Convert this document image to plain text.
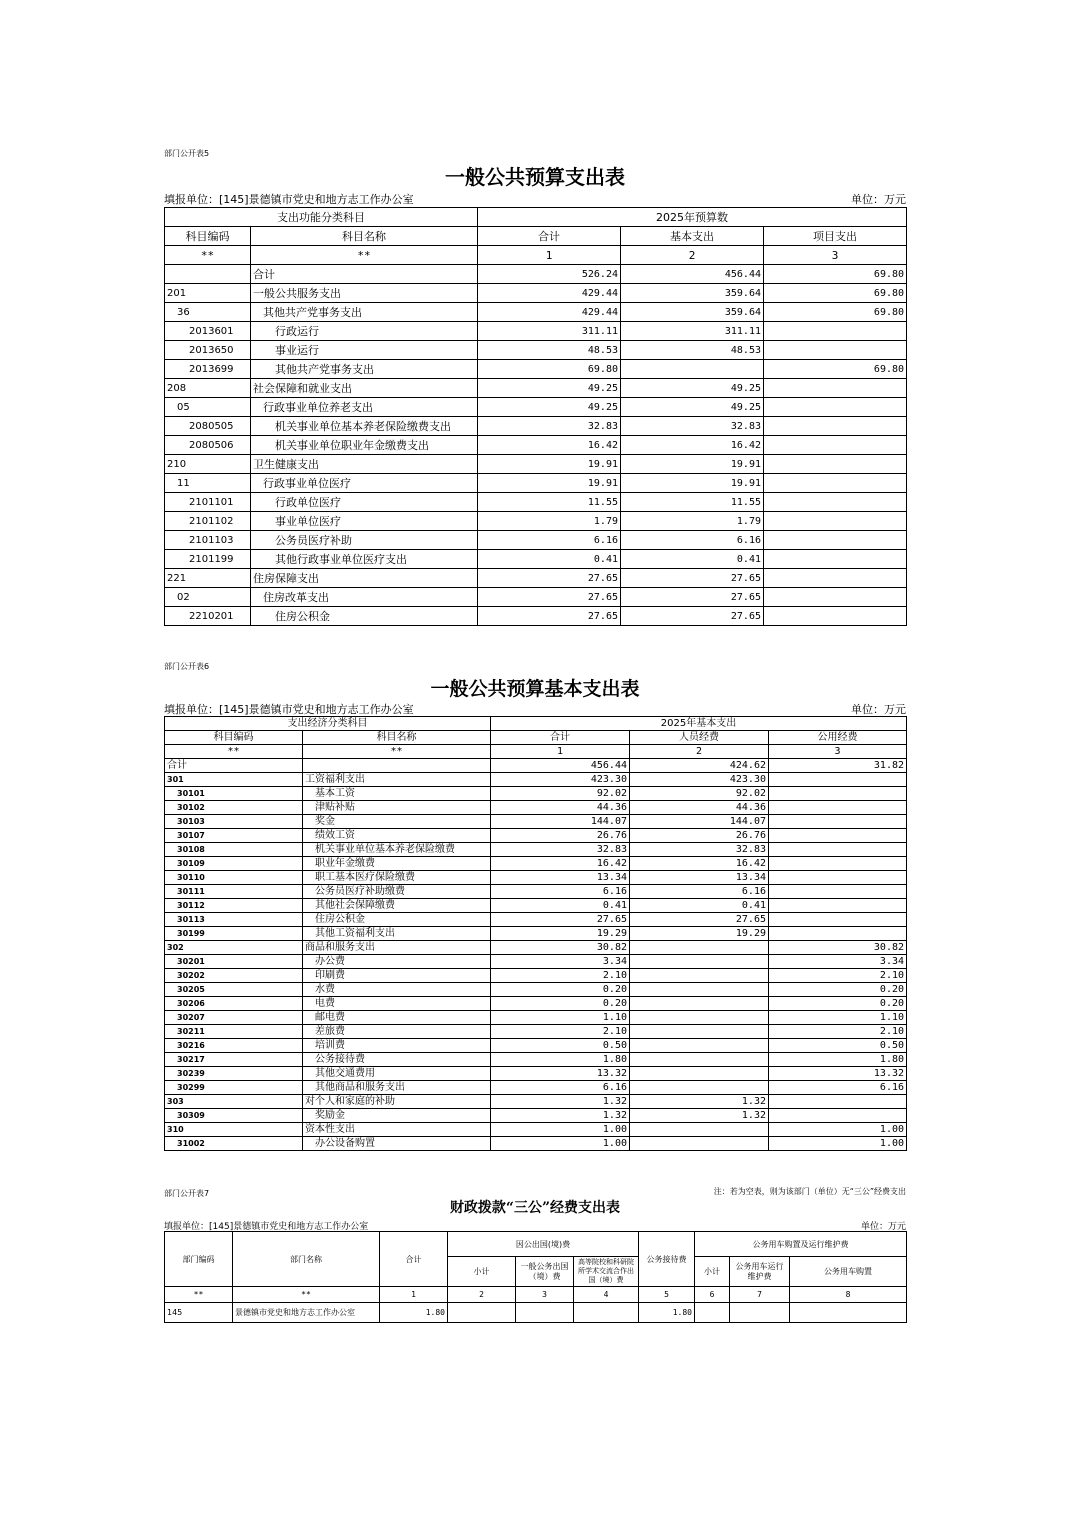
部门公开表5
一般公共预算支出表
填报单位：[145]景德镇市党史和地方志工作办公室	单位：万元
支出功能分类科目		2025年预算数		
科目编码	科目名称	合计	基本支出	项目支出
**	**	1	2	3
	合计	526.24	456.44	69.80
201	一般公共服务支出	429.44	359.64	69.80
36	其他共产党事务支出	429.44	359.64	69.80
2013601	行政运行	311.11	311.11	
2013650	事业运行	48.53	48.53	
2013699	其他共产党事务支出	69.80		69.80
208	社会保障和就业支出	49.25	49.25	
05	行政事业单位养老支出	49.25	49.25	
2080505	机关事业单位基本养老保险缴费支出	32.83	32.83	
2080506	机关事业单位职业年金缴费支出	16.42	16.42	
210	卫生健康支出	19.91	19.91	
11	行政事业单位医疗	19.91	19.91	
2101101	行政单位医疗	11.55	11.55	
2101102	事业单位医疗	1.79	1.79	
2101103	公务员医疗补助	6.16	6.16	
2101199	其他行政事业单位医疗支出	0.41	0.41	
221	住房保障支出	27.65	27.65	
02	住房改革支出	27.65	27.65	
2210201	住房公积金	27.65	27.65	
部门公开表6
一般公共预算基本支出表
填报单位：[145]景德镇市党史和地方志工作办公室	单位：万元
支出经济分类科目		2025年基本支出		
科目编码	科目名称	合计	人员经费	公用经费
**	**	1	2	3
合计		456.44	424.62	31.82
301	工资福利支出	423.30	423.30	
30101	基本工资	92.02	92.02	
30102	津贴补贴	44.36	44.36	
30103	奖金	144.07	144.07	
30107	绩效工资	26.76	26.76	
30108	机关事业单位基本养老保险缴费	32.83	32.83	
30109	职业年金缴费	16.42	16.42	
30110	职工基本医疗保险缴费	13.34	13.34	
30111	公务员医疗补助缴费	6.16	6.16	
30112	其他社会保障缴费	0.41	0.41	
30113	住房公积金	27.65	27.65	
30199	其他工资福利支出	19.29	19.29	
302	商品和服务支出	30.82		30.82
30201	办公费	3.34		3.34
30202	印刷费	2.10		2.10
30205	水费	0.20		0.20
30206	电费	0.20		0.20
30207	邮电费	1.10		1.10
30211	差旅费	2.10		2.10
30216	培训费	0.50		0.50
30217	公务接待费	1.80		1.80
30239	其他交通费用	13.32		13.32
30299	其他商品和服务支出	6.16		6.16
303	对个人和家庭的补助	1.32	1.32	
30309	奖励金	1.32	1.32	
310	资本性支出	1.00		1.00
31002	办公设备购置	1.00		1.00
部门公开表7	注：若为空表，则为该部门（单位）无“三公”经费支出
财政拨款“三公”经费支出表
填报单位：[145]景德镇市党史和地方志工作办公室	单位：万元
部门编码	部门名称	合计	因公出国(境)费			公务接待费	公务用车购置及运行维护费		
			小计	一般公务出国（境）费	高等院校和科研院所学术交流合作出国（境）费		小计	公务用车运行维护费	公务用车购置
**	**	1	2	3	4	5	6	7	8
145	景德镇市党史和地方志工作办公室	1.80				1.80			
